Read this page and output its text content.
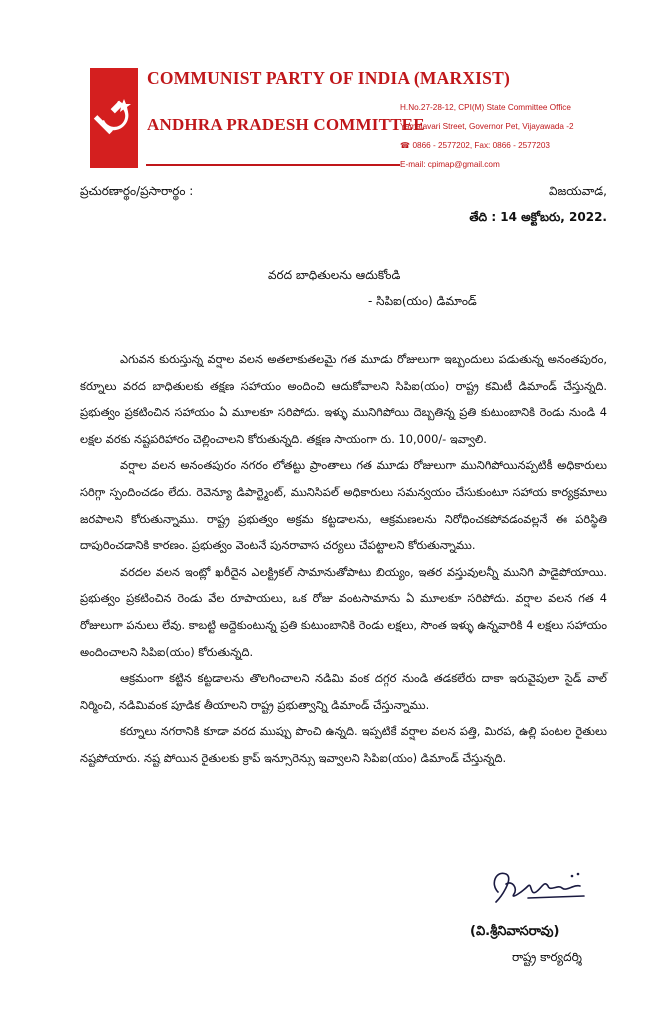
COMMUNIST PARTY OF INDIA (MARXIST)
ANDHRA PRADESH COMMITTEE
H.No.27-28-12, CPI(M) State Committee Office
Yamalavari Street, Governor Pet, Vijayawada -2
☎ 0866 - 2577202, Fax: 0866 - 2577203
E-mail: cpimap@gmail.com
ప్రచురణార్థం/ప్రసారార్థం :	విజయవాడ,
తేది : 14 అక్టోబరు, 2022.
వరద బాధితులను ఆదుకోండి
- సిపిఐ(యం) డిమాండ్

ఎగువన కురుస్తున్న వర్షాల వలన అతలాకుతలమై గత మూడు రోజులుగా ఇబ్బందులు పడుతున్న అనంతపురం, కర్నూలు వరద బాధితులకు తక్షణ సహాయం అందించి ఆదుకోవాలని సిపిఐ(యం) రాష్ట్ర కమిటీ డిమాండ్ చేస్తున్నది. ప్రభుత్వం ప్రకటించిన సహాయం ఏ మూలకూ సరిపోదు. ఇళ్ళు మునిగిపోయి దెబ్బతిన్న ప్రతి కుటుంబానికి రెండు నుండి 4 లక్షల వరకు నష్టపరిహారం చెల్లించాలని కోరుతున్నది. తక్షణ సాయంగా రు. 10,000/- ఇవ్వాలి.

వర్షాల వలన అనంతపురం నగరం లోతట్టు ప్రాంతాలు గత మూడు రోజులుగా మునిగిపోయినప్పటికీ అధికారులు సరిగ్గా స్పందించడం లేదు. రెవెన్యూ డిపార్ట్మెంట్, మునిసిపల్ అధికారులు సమన్వయం చేసుకుంటూ సహాయ కార్యక్రమాలు జరపాలని కోరుతున్నాము. రాష్ట్ర ప్రభుత్వం అక్రమ కట్టడాలను, ఆక్రమణలను నిరోధించకపోవడంవల్లనే ఈ పరిస్థితి దాపురించడానికి కారణం. ప్రభుత్వం వెంటనే పునరావాస చర్యలు చేపట్టాలని కోరుతున్నాము.

వరదల వలన ఇంట్లో ఖరీదైన ఎలక్ట్రికల్ సామానుతోపాటు బియ్యం, ఇతర వస్తువులన్నీ మునిగి పాడైపోయాయి. ప్రభుత్వం ప్రకటించిన రెండు వేల రూపాయలు, ఒక రోజు వంటసామాను ఏ మూలకూ సరిపోదు. వర్షాల వలన గత 4 రోజులుగా పనులు లేవు. కాబట్టి అద్దెకుంటున్న ప్రతి కుటుంబానికి రెండు లక్షలు, సొంత ఇళ్ళు ఉన్నవారికి 4 లక్షలు సహాయం అందించాలని సిపిఐ(యం) కోరుతున్నది.

ఆక్రమంగా కట్టిన కట్టడాలను తొలగించాలని నడిమి వంక దగ్గర నుండి తడకలేరు దాకా ఇరువైపులా సైడ్ వాల్ నిర్మించి, నడిమివంక పూడిక తీయాలని రాష్ట్ర ప్రభుత్వాన్ని డిమాండ్ చేస్తున్నాము.

కర్నూలు నగరానికి కూడా వరద ముప్పు పొంచి ఉన్నది. ఇప్పటికే వర్షాల వలన పత్తి, మిరప, ఉల్లి పంటల రైతులు నష్టపోయారు. నష్ట పోయిన రైతులకు క్రాప్ ఇన్సూరెన్సు ఇవ్వాలని సిపిఐ(యం) డిమాండ్ చేస్తున్నది.

(వి.శ్రీనివాసరావు)
రాష్ట్ర కార్యదర్శి
